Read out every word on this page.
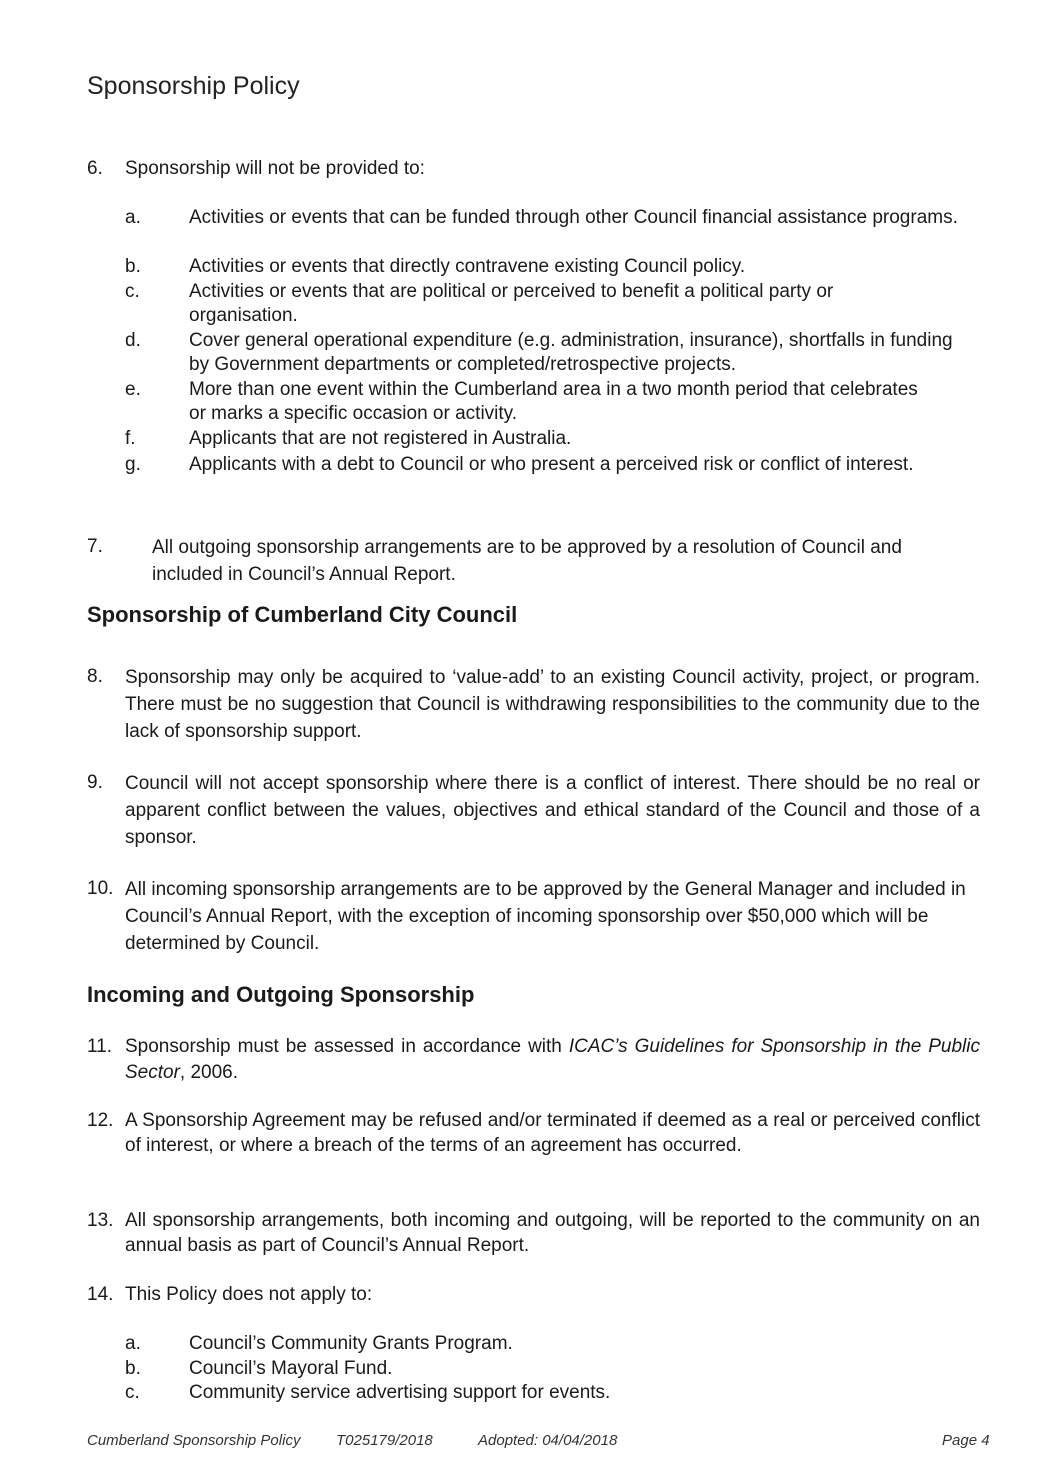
Sponsorship Policy
6. Sponsorship will not be provided to:
a.	Activities or events that can be funded through other Council financial assistance programs.
b.	Activities or events that directly contravene existing Council policy.
c.	Activities or events that are political or perceived to benefit a political party or organisation.
d.	Cover general operational expenditure (e.g. administration, insurance), shortfalls in funding by Government departments or completed/retrospective projects.
e.	More than one event within the Cumberland area in a two month period that celebrates or marks a specific occasion or activity.
f.	Applicants that are not registered in Australia.
g.	Applicants with a debt to Council or who present a perceived risk or conflict of interest.
7.	All outgoing sponsorship arrangements are to be approved by a resolution of Council and included in Council’s Annual Report.
Sponsorship of Cumberland City Council
8. Sponsorship may only be acquired to ‘value-add’ to an existing Council activity, project, or program. There must be no suggestion that Council is withdrawing responsibilities to the community due to the lack of sponsorship support.
9. Council will not accept sponsorship where there is a conflict of interest. There should be no real or apparent conflict between the values, objectives and ethical standard of the Council and those of a sponsor.
10. All incoming sponsorship arrangements are to be approved by the General Manager and included in Council’s Annual Report, with the exception of incoming sponsorship over $50,000 which will be determined by Council.
Incoming and Outgoing Sponsorship
11. Sponsorship must be assessed in accordance with ICAC’s Guidelines for Sponsorship in the Public Sector, 2006.
12. A Sponsorship Agreement may be refused and/or terminated if deemed as a real or perceived conflict of interest, or where a breach of the terms of an agreement has occurred.
13. All sponsorship arrangements, both incoming and outgoing, will be reported to the community on an annual basis as part of Council’s Annual Report.
14. This Policy does not apply to:
a.	Council’s Community Grants Program.
b.	Council’s Mayoral Fund.
c.	Community service advertising support for events.
Cumberland Sponsorship Policy T025179/2018	Adopted: 04/04/2018	Page 4
